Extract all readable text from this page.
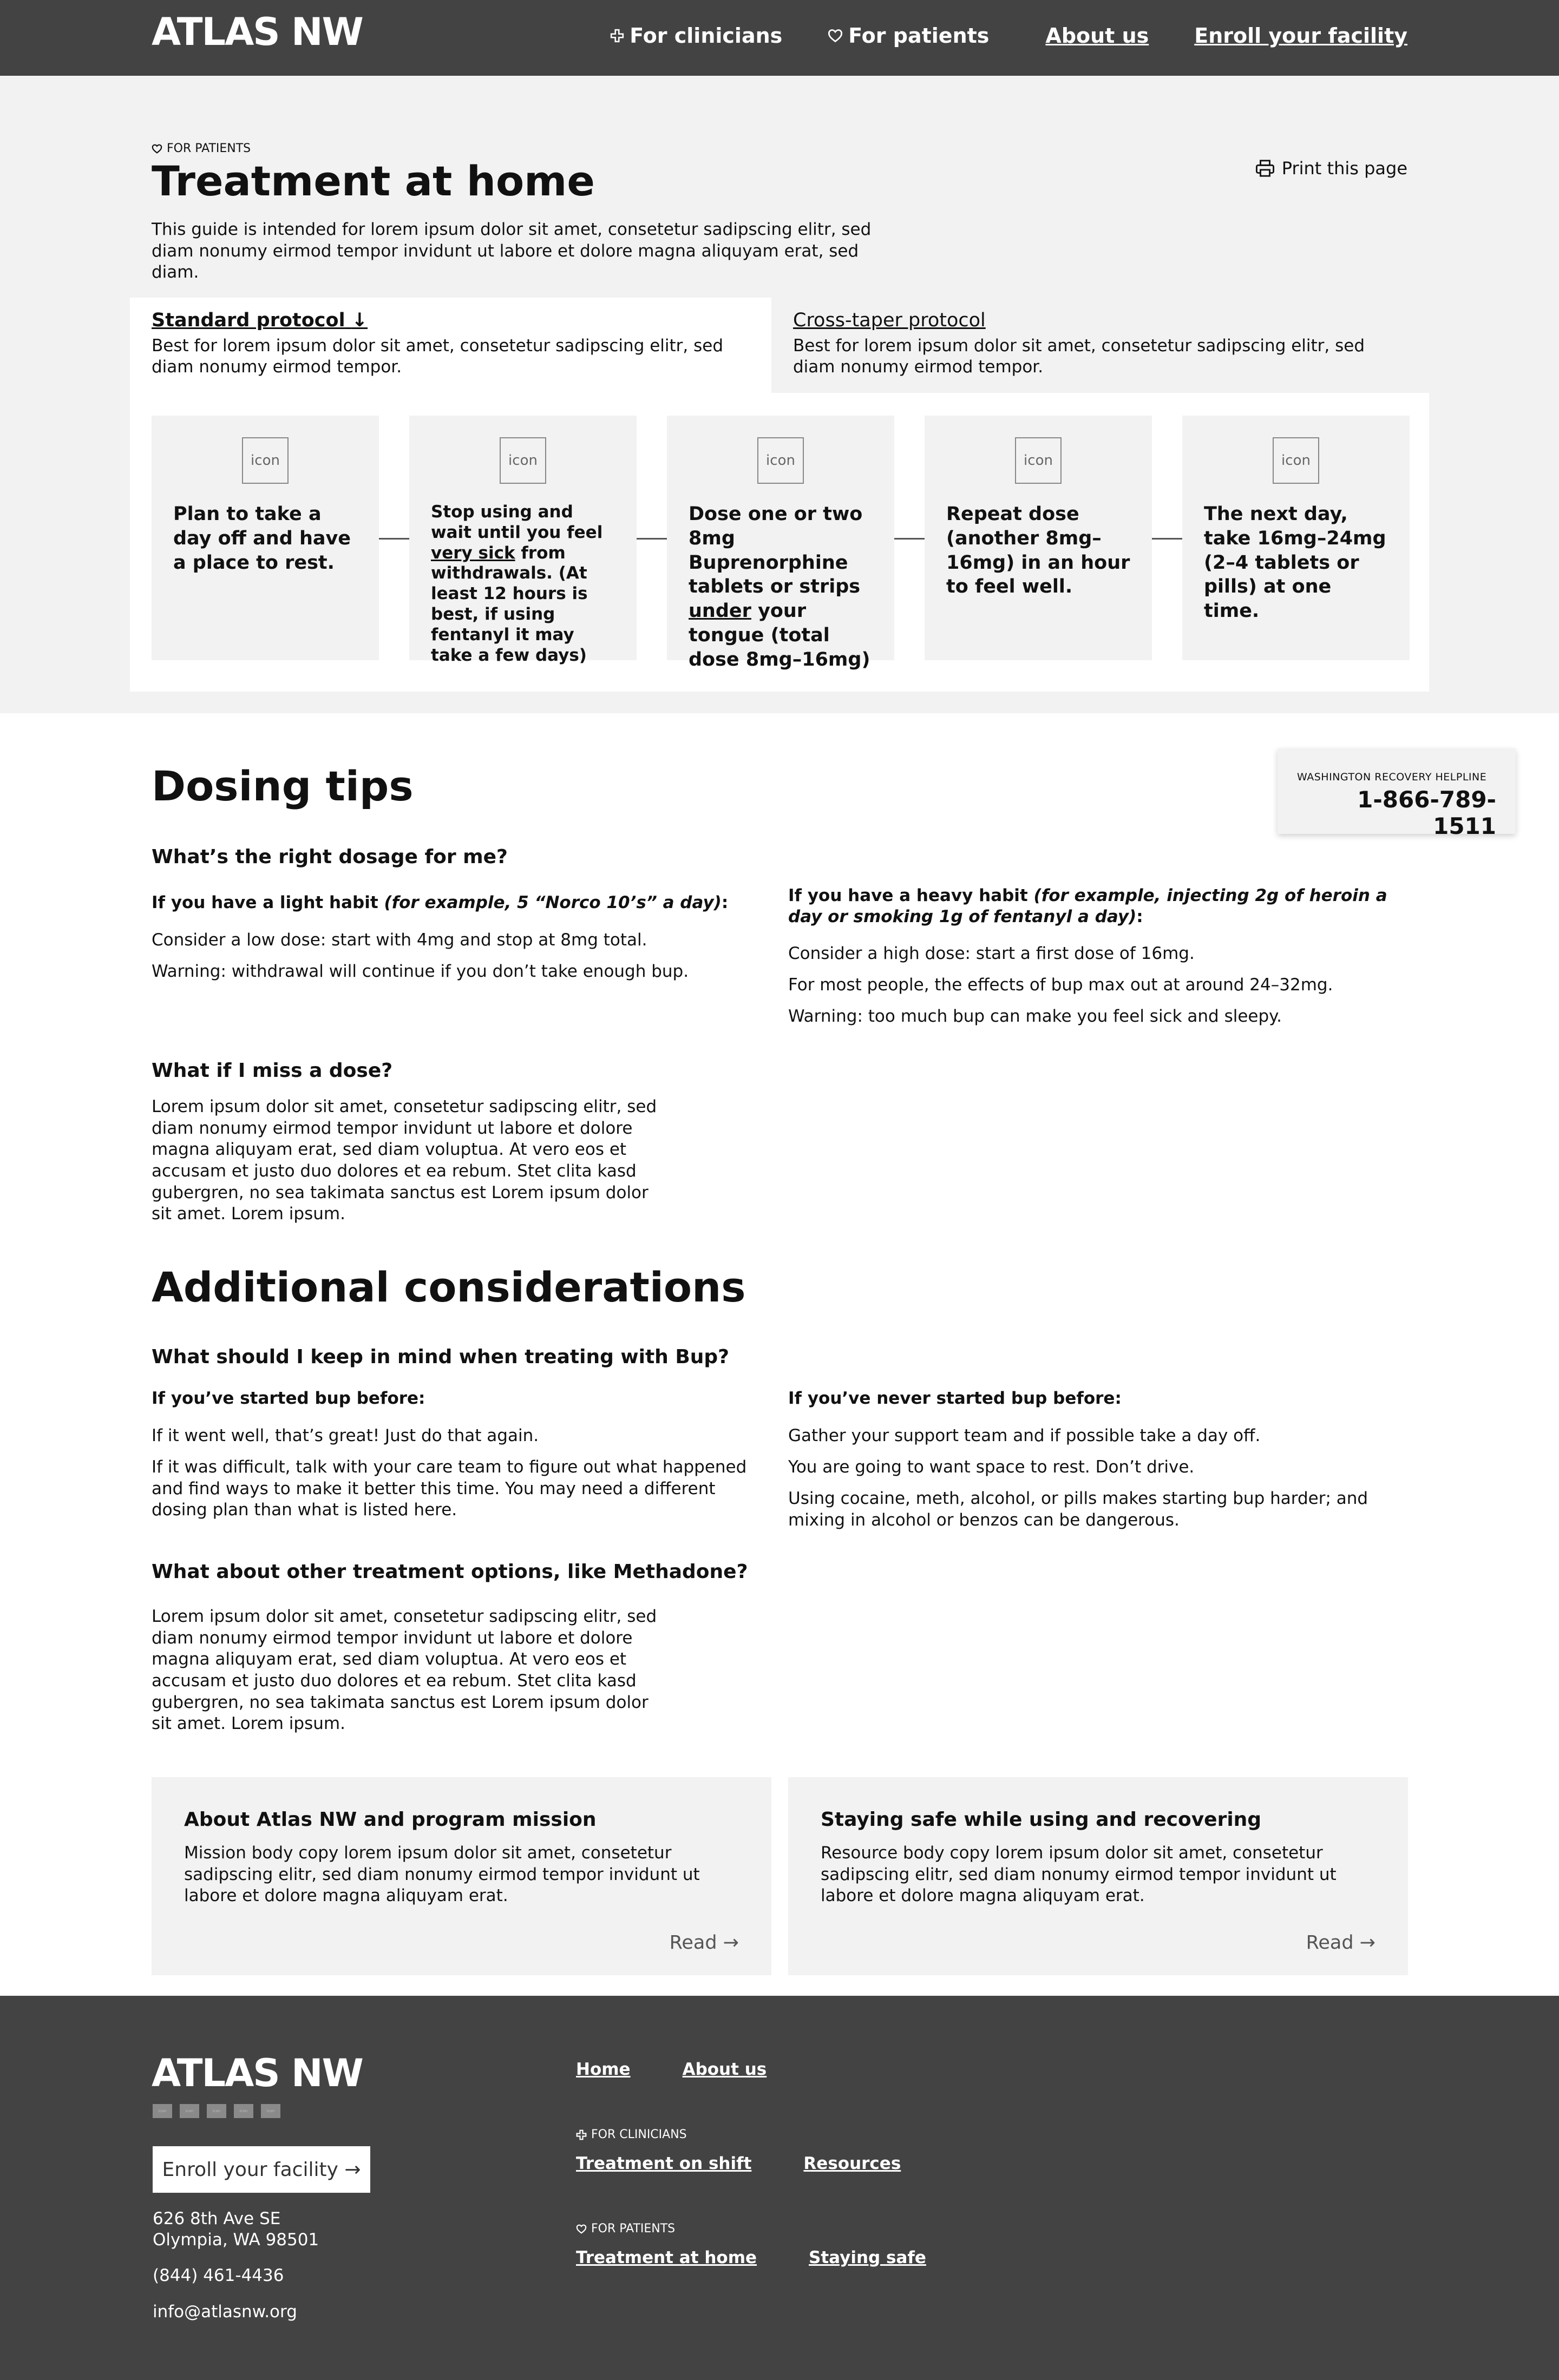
ATLAS NW	For clinicians	For patients	About us Enroll your facility
FOR PATIENTS
Treatment at home

This guide is intended for lorem ipsum dolor sit amet, consetetur sadipscing elitr, sed diam nonumy eirmod tempor invidunt ut labore et dolore magna aliquyam erat, sed diam.

Print this page
Standard protocol ↓
Best for lorem ipsum dolor sit amet, consetetur sadipscing elitr, sed diam nonumy eirmod tempor.
Cross-taper protocol
Best for lorem ipsum dolor sit amet, consetetur sadipscing elitr, sed diam nonumy eirmod tempor.
icon
Plan to take a day off and have a place to rest.
icon
Stop using and wait until you feel very sick from withdrawals. (At least 12 hours is best, if using fentanyl it may take a few days)
icon
Dose one or two 8mg Buprenorphine tablets or strips under your tongue (total dose 8mg–16mg)
icon
Repeat dose (another 8mg–16mg) in an hour to feel well.
icon
The next day, take 16mg–24mg (2–4 tablets or pills) at one time.
WASHINGTON RECOVERY HELPLINE
1-866-789-1511
Dosing tips
What’s the right dosage for me?
If you have a light habit (for example, 5 “Norco 10’s” a day):

Consider a low dose: start with 4mg and stop at 8mg total.

Warning: withdrawal will continue if you don’t take enough bup.

If you have a heavy habit (for example, injecting 2g of heroin a day or smoking 1g of fentanyl a day):

Consider a high dose: start a first dose of 16mg.

For most people, the effects of bup max out at around 24–32mg.

Warning: too much bup can make you feel sick and sleepy.

What if I miss a dose?

Lorem ipsum dolor sit amet, consetetur sadipscing elitr, sed diam nonumy eirmod tempor invidunt ut labore et dolore magna aliquyam erat, sed diam voluptua. At vero eos et accusam et justo duo dolores et ea rebum. Stet clita kasd gubergren, no sea takimata sanctus est Lorem ipsum dolor sit amet. Lorem ipsum.

Additional considerations
What should I keep in mind when treating with Bup?
If you’ve started bup before:

If it went well, that’s great! Just do that again.

If it was difficult, talk with your care team to figure out what happened and find ways to make it better this time. You may need a different dosing plan than what is listed here.

If you’ve never started bup before:

Gather your support team and if possible take a day off.

You are going to want space to rest. Don’t drive.

Using cocaine, meth, alcohol, or pills makes starting bup harder; and mixing in alcohol or benzos can be dangerous.

What about other treatment options, like Methadone?

Lorem ipsum dolor sit amet, consetetur sadipscing elitr, sed diam nonumy eirmod tempor invidunt ut labore et dolore magna aliquyam erat, sed diam voluptua. At vero eos et accusam et justo duo dolores et ea rebum. Stet clita kasd gubergren, no sea takimata sanctus est Lorem ipsum dolor sit amet. Lorem ipsum.

About Atlas NW and program mission

Mission body copy lorem ipsum dolor sit amet, consetetur sadipscing elitr, sed diam nonumy eirmod tempor invidunt ut labore et dolore magna aliquyam erat.

Read →
Staying safe while using and recovering

Resource body copy lorem ipsum dolor sit amet, consetetur sadipscing elitr, sed diam nonumy eirmod tempor invidunt ut labore et dolore magna aliquyam erat.

Read →
ATLAS NW
icon	icon	icon	icon	icon
Enroll your facility →

626 8th Ave SE

Olympia, WA 98501

(844) 461-4436

info@atlasnw.org

Home	About us
FOR CLINICIANS
Treatment on shift	Resources
FOR PATIENTS
Treatment at home	Staying safe
